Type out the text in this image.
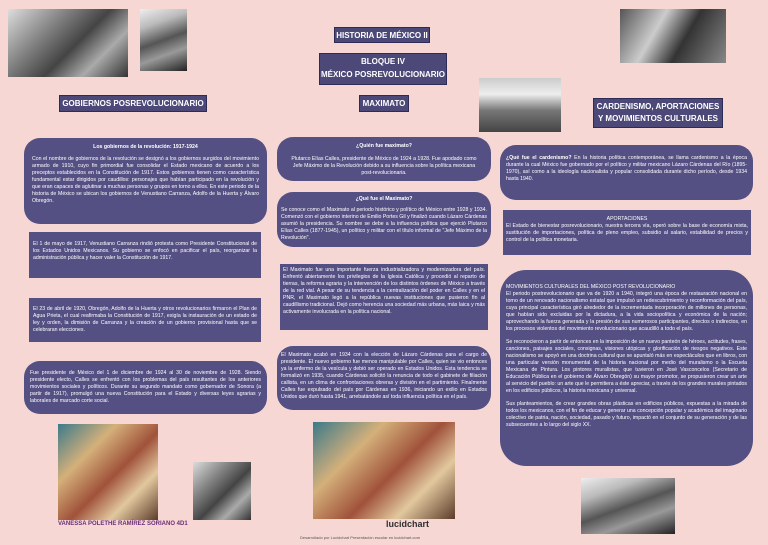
HISTORIA DE MÉXICO II
BLOQUE IV
MÉXICO POSREVOLUCIONARIO
GOBIERNOS POSREVOLUCIONARIO	MAXIMATO	CARDENISMO, APORTACIONES Y MOVIMIENTOS CULTURALES
Los gobiernos de la revolución: 1917-1924
Con el nombre de gobiernos de la revolución se designó a los gobiernos surgidos del movimiento armado de 1910, cuyo fin primordial fue consolidar el Estado mexicano de acuerdo a los preceptos establecidos en la Constitución de 1917. Estos gobiernos tienen como característica fundamental estar dirigidos por caudillos: personajes que habían participado en la revolución y que eran capaces de aglutinar a muchas personas y grupos en torno a ellos. En este periodo de la historia de México se ubican los gobiernos de Venustiano Carranza, Adolfo de la Huerta y Álvaro Obregón.
El 1 de mayo de 1917, Venustiano Carranza rindió protesta como Presidente Constitucional de los Estados Unidos Mexicanos. Su gobierno se enfocó en pacificar el país, reorganizar la administración pública y hacer valer la Constitución de 1917.
El 23 de abril de 1920, Obregón, Adolfo de la Huerta y otros revolucionarios firmaron el Plan de Agua Prieta, el cual reafirmaba la Constitución de 1917, exigía la instauración de un estado de ley y orden, la dimisión de Carranza y la creación de un gobierno provisional hasta que se celebraran elecciones.
Fue presidente de México del 1 de diciembre de 1924 al 30 de noviembre de 1928. Siendo presidente electo, Calles se enfrentó con los problemas del país resultantes de los anteriores movimientos sociales y políticos. Durante su segundo mandato como gobernador de Sonora (a partir de 1917), promulgó una nueva Constitución para el Estado y diversas leyes agrarias y laborales de marcado corte social.
¿Quién fue maximato?
Plutarco Elías Calles, presidente de México de 1924 a 1928. Fue apodado como Jefe Máximo de la Revolución debido a su influencia sobre la política mexicana post-revolucionaria.
¿Qué fue el Maximato?
Se conoce como el Maximato al periodo histórico y político de México entre 1928 y 1934. Comenzó con el gobierno interino de Emilio Portes Gil y finalizó cuando Lázaro Cárdenas asumió la presidencia. Su nombre se debe a la influencia política que ejerció Plutarco Elías Calles (1877-1945), un político y militar con el título informal de "Jefe Máximo de la Revolución".
El Maximato fue una importante fuerza industrializadora y modernizadora del país. Enfrentó abiertamente los privilegios de la Iglesia Católica y procedió al reparto de tierras, la reforma agraria y la intervención de los distintos órdenes de México a través de la red vial. A pesar de su tendencia a la centralización del poder en Calles y en el PNR, el Maximato legó a la república nuevas instituciones que pusieron fin al caudillismo tradicional. Dejó como herencia una sociedad más urbana, más laica y más activamente involucrada en la política nacional.
El Maximato acabó en 1934 con la elección de Lázaro Cárdenas para el cargo de presidente. El nuevo gobierno fue menos manipulable por Calles, quien se vio entonces ya la enfermo de la vesícula y debió ser operado en Estados Unidos. Esta tendencia se formalizó en 1935, cuando Cárdenas solicitó la renuncia de todo el gabinete de filiación callista, en un clima de confrontaciones obreras y división en el partimiento. Finalmente Calles fue expulsado del país por Cárdenas en 1936, iniciando un exilio en Estados Unidos que duró hasta 1941, arrebatándole así toda influencia política en el país.
¿Qué fue el cardenismo? En la historia política contemporánea, se llama cardenismo a la época durante la cual México fue gobernado por el político y militar mexicano Lázaro Cárdenas del Río (1895-1970), así como a la ideología nacionalista y popular consolidada durante dicho período, desde 1934 hasta 1940.
APORTACIONES
El Estado de bienestar posrevolucionario, nuestra tercera vía, operó sobre la base de economía mixta, sustitución de importaciones, política de pleno empleo, subsidio al salario, estabilidad de precios y control de la política monetaria.
MOVIMIENTOS CULTURALES DEL MÉXICO POST REVOLUCIONARIO
El periodo postrevolucionario que va de 1920 a 1940, integró una época de restauración nacional en torno de un renovado nacionalismo estatal que impulsó un redescubrimiento y reconformación del país, cuya principal característica giró alrededor de la incrementada incorporación de millones de personas, que habían sido excluidas por la dictadura, a la vida sociopolítica y económica de la nación; aprovechando la fuerza generada y la presión de sus numerosos participantes, directos o indirectos, en los procesos violentos del movimiento revolucionario que acaudilló a todo el país.
Se reconocieron a partir de entonces en la imposición de un nuevo panteón de héroes, actitudes, frases, canciones, paisajes sociales, consignas, visiones utópicas y glorificación de riesgos negativos. Este nacionalismo se apoyó en una doctrina cultural que se apuntaló más en espectáculos que en libros, con una particular versión monumental de la historia nacional por medio del muralismo o la Escuela Mexicana de Pintura. Los pintores muralistas, que tuvieron en José Vasconcelos (Secretario de Educación Pública en el gobierno de Álvaro Obregón) su mayor promotor, se propusieron crear un arte al servicio del pueblo: un arte que le permitiera a éste apreciar, a través de los grandes murales pintados en los edificios públicos, la historia mexicana y universal.
Sus planteamientos, de crear grandes obras plásticas en edificios públicos, expuestas a la mirada de todos los mexicanos, con el fin de educar y generar una concepción popular y académica del imaginario colectivo de patria, nación, sociedad, pasado y futuro, impactó en el conjunto de su generación y de las subsecuentes a lo largo del siglo XX.
VANESSA POLETHE RAMÍREZ SORIANO 4D1	lucidchart
Desarrollado por Lucidchart Presentación escolar en lucidchart.com
